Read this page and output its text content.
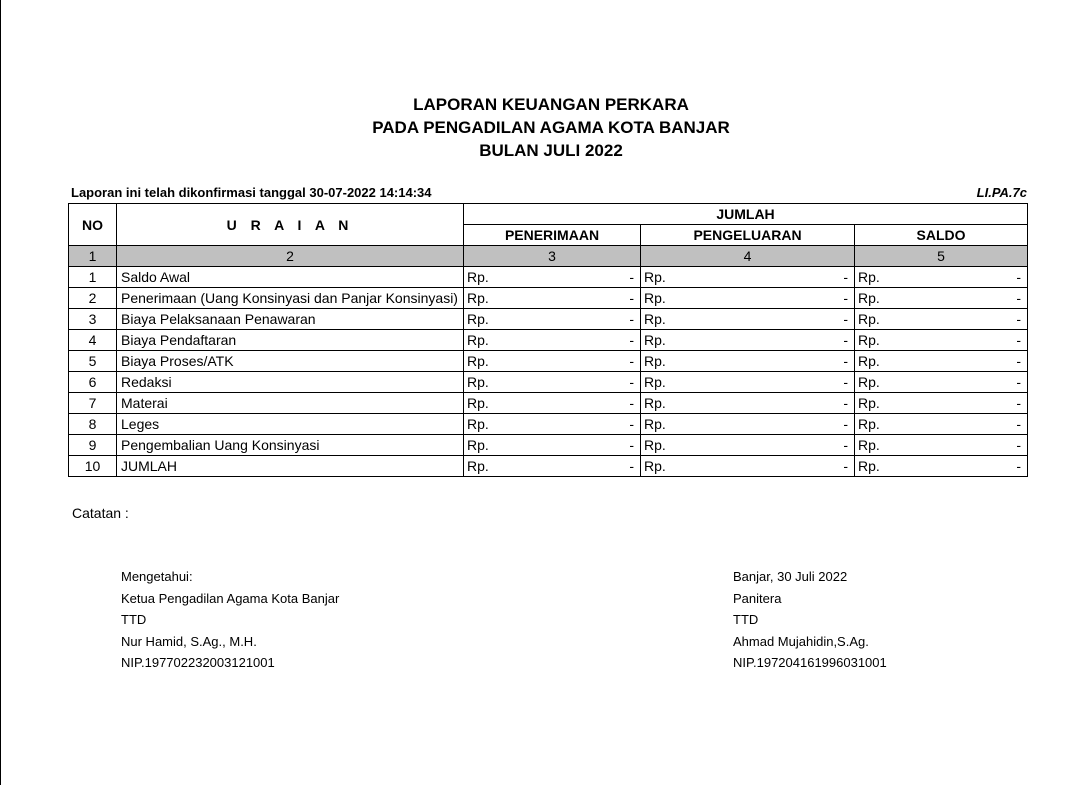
LAPORAN KEUANGAN PERKARA
PADA PENGADILAN AGAMA KOTA BANJAR
BULAN JULI 2022
Laporan ini telah dikonfirmasi tanggal 30-07-2022 14:14:34	LI.PA.7c
NO	U R A I A N	JUMLAH		
		PENERIMAAN	PENGELUARAN	SALDO
1	2	3	4	5
1	Saldo Awal	Rp. -	Rp. -	Rp. -

2	Penerimaan (Uang Konsinyasi dan Panjar Konsinyasi)	Rp. -	Rp. -	Rp. -

3	Biaya Pelaksanaan Penawaran	Rp. -	Rp. -	Rp. -

4	Biaya Pendaftaran	Rp. -	Rp. -	Rp. -

5	Biaya Proses/ATK	Rp. -	Rp. -	Rp. -

6	Redaksi	Rp. -	Rp. -	Rp. -

7	Materai	Rp. -	Rp. -	Rp. -

8	Leges	Rp. -	Rp. -	Rp. -

9	Pengembalian Uang Konsinyasi	Rp. -	Rp. -	Rp. -

10	JUMLAH	Rp. -	Rp. -	Rp. -
Catatan :
Mengetahui:
Ketua Pengadilan Agama Kota Banjar
TTD
Nur Hamid, S.Ag., M.H.
NIP.197702232003121001
Banjar, 30 Juli 2022
Panitera
TTD
Ahmad Mujahidin,S.Ag.
NIP.197204161996031001
